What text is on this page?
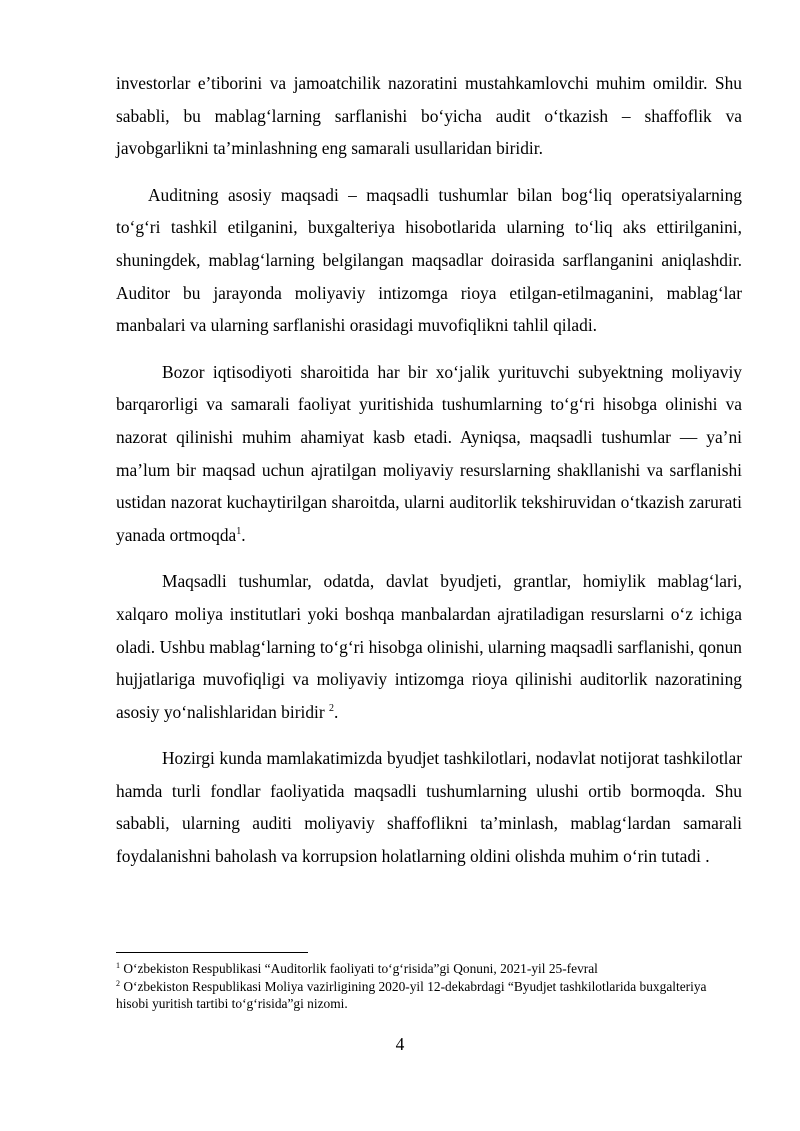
investorlar e’tiborini va jamoatchilik nazoratini mustahkamlovchi muhim omildir. Shu sababli, bu mablag‘larning sarflanishi bo‘yicha audit o‘tkazish – shaffoflik va javobgarlikni ta’minlashning eng samarali usullaridan biridir.

Auditning asosiy maqsadi – maqsadli tushumlar bilan bog‘liq operatsiyalarning to‘g‘ri tashkil etilganini, buxgalteriya hisobotlarida ularning to‘liq aks ettirilganini, shuningdek, mablag‘larning belgilangan maqsadlar doirasida sarflanganini aniqlashdir. Auditor bu jarayonda moliyaviy intizomga rioya etilgan-etilmaganini, mablag‘lar manbalari va ularning sarflanishi orasidagi muvofiqlikni tahlil qiladi.

Bozor iqtisodiyoti sharoitida har bir xo‘jalik yurituvchi subyektning moliyaviy barqarorligi va samarali faoliyat yuritishida tushumlarning to‘g‘ri hisobga olinishi va nazorat qilinishi muhim ahamiyat kasb etadi. Ayniqsa, maqsadli tushumlar — ya’ni ma’lum bir maqsad uchun ajratilgan moliyaviy resurslarning shakllanishi va sarflanishi ustidan nazorat kuchaytirilgan sharoitda, ularni auditorlik tekshiruvidan o‘tkazish zarurati yanada ortmoqda$^1$.

Maqsadli tushumlar, odatda, davlat byudjeti, grantlar, homiylik mablag‘lari, xalqaro moliya institutlari yoki boshqa manbalardan ajratiladigan resurslarni o‘z ichiga oladi. Ushbu mablag‘larning to‘g‘ri hisobga olinishi, ularning maqsadli sarflanishi, qonun hujjatlariga muvofiqligi va moliyaviy intizomga rioya qilinishi auditorlik nazoratining asosiy yo‘nalishlaridan biridir $^2$.

Hozirgi kunda mamlakatimizda byudjet tashkilotlari, nodavlat notijorat tashkilotlar hamda turli fondlar faoliyatida maqsadli tushumlarning ulushi ortib bormoqda. Shu sababli, ularning auditi moliyaviy shaffoflikni ta’minlash, mablag‘lardan samarali foydalanishni baholash va korrupsion holatlarning oldini olishda muhim o‘rin tutadi .

$^1$ O‘zbekiston Respublikasi “Auditorlik faoliyati to‘g‘risida”gi Qonuni, 2021-yil 25-fevral

$^2$ O‘zbekiston Respublikasi Moliya vazirligining 2020-yil 12-dekabrdagi “Byudjet tashkilotlarida buxgalteriya hisobi yuritish tartibi to‘g‘risida”gi nizomi.

4
